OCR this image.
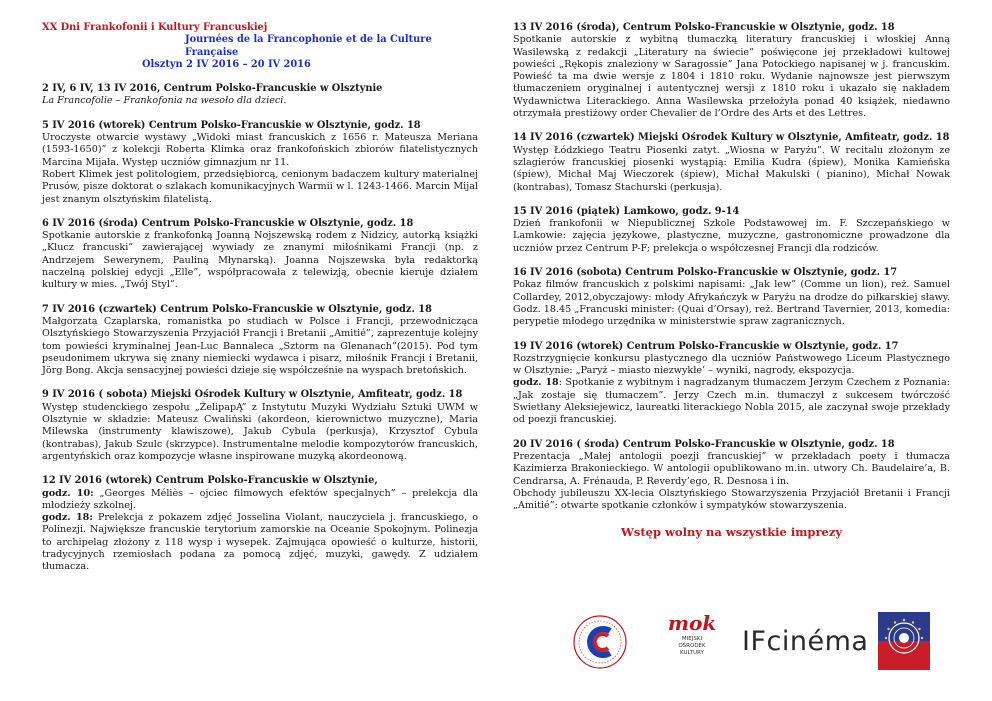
XX Dni Frankofonii i Kultury Francuskiej
Journées de la Francophonie et de la Culture Française
Olsztyn 2 IV 2016 – 20 IV 2016
2 IV, 6 IV, 13 IV 2016, Centrum Polsko-Francuskie w Olsztynie

La Francofolie – Frankofonia na wesoło dla dzieci.

5 IV 2016 (wtorek) Centrum Polsko-Francuskie w Olsztynie, godz. 18

Uroczyste otwarcie wystawy „Widoki miast francuskich z 1656 r. Mateusza Meriana (1593-1650)” z kolekcji Roberta Klimka oraz frankofońskich zbiorów filatelistycznych Marcina Mijała. Występ uczniów gimnazjum nr 11.

Robert Klimek jest politologiem, przedsiębiorcą, cenionym badaczem kultury materialnej Prusów, pisze doktorat o szlakach komunikacyjnych Warmii w l. 1243-1466. Marcin Mijal jest znanym olsztyńskim filatelistą.

6 IV 2016 (środa) Centrum Polsko-Francuskie w Olsztynie, godz. 18

Spotkanie autorskie z frankofonką Joanną Nojszewską rodem z Nidzicy, autorką książki „Klucz francuski” zawierającej wywiady ze znanymi miłośnikami Francji (np. z Andrzejem Sewerynem, Pauliną Młynarską). Joanna Nojszewska była redaktorką naczelną polskiej edycji „Elle”, współpracowała z telewizją, obecnie kieruje działem kultury w mies. „Twój Styl”.

7 IV 2016 (czwartek) Centrum Polsko-Francuskie w Olsztynie, godz. 18

Małgorzata Czaplarska, romanistka po studiach w Polsce i Francji, przewodnicząca Olsztyńskiego Stowarzyszenia Przyjaciół Francji i Bretanii „Amitié”, zaprezentuje kolejny tom powieści kryminalnej Jean-Luc Bannaleca „Sztorm na Glenanach”(2015). Pod tym pseudonimem ukrywa się znany niemiecki wydawca i pisarz, miłośnik Francji i Bretanii, Jörg Bong. Akcja sensacyjnej powieści dzieje się współcześnie na wyspach bretońskich.

9 IV 2016 ( sobota) Miejski Ośrodek Kultury w Olsztynie, Amfiteatr, godz. 18

Występ studenckiego zespołu „ŻelipapĄ” z Instytutu Muzyki Wydziału Sztuki UWM w Olsztynie w składzie: Mateusz Cwaliński (akordeon, kierownictwo muzyczne), Maria Milewska (instrumenty klawiszowe), Jakub Cybula (perkusja), Krzysztof Cybula (kontrabas), Jakub Szulc (skrzypce). Instrumentalne melodie kompozytorów francuskich, argentyńskich oraz kompozycje własne inspirowane muzyką akordeonową.

12 IV 2016 (wtorek) Centrum Polsko-Francuskie w Olsztynie,

godz. 10: „Georges Méliès – ojciec filmowych efektów specjalnych” – prelekcja dla młodzieży szkolnej.

godz. 18: Prelekcja z pokazem zdjęć Josselina Violant, nauczyciela j. francuskiego, o Polinezji. Największe francuskie terytorium zamorskie na Oceanie Spokojnym. Polinezja to archipelag złożony z 118 wysp i wysepek. Zajmująca opowieść o kulturze, historii, tradycyjnych rzemiosłach podana za pomocą zdjęć, muzyki, gawędy. Z udziałem tłumacza.

13 IV 2016 (środa), Centrum Polsko-Francuskie w Olsztynie, godz. 18

Spotkanie autorskie z wybitną tłumaczką literatury francuskiej i włoskiej Anną Wasilewską z redakcji „Literatury na świecie” poświęcone jej przekładowi kultowej powieści „Rękopis znaleziony w Saragossie” Jana Potockiego napisanej w j. francuskim. Powieść ta ma dwie wersje z 1804 i 1810 roku. Wydanie najnowsze jest pierwszym tłumaczeniem oryginalnej i autentycznej wersji z 1810 roku i ukazało się nakładem Wydawnictwa Literackiego. Anna Wasilewska przełożyła ponad 40 książek, niedawno otrzymała prestiżowy order Chevalier de l’Ordre des Arts et des Lettres.

14 IV 2016 (czwartek) Miejski Ośrodek Kultury w Olsztynie, Amfiteatr, godz. 18

Występ Łódzkiego Teatru Piosenki zatyt. „Wiosna w Paryżu”. W recitalu złożonym ze szlagierów francuskiej piosenki wystąpią: Emilia Kudra (śpiew), Monika Kamieńska (śpiew), Michał Maj Wieczorek (śpiew), Michał Makulski ( pianino), Michał Nowak (kontrabas), Tomasz Stachurski (perkusja).

15 IV 2016 (piątek) Lamkowo, godz. 9-14

Dzień frankofonii w Niepublicznej Szkole Podstawowej im. F. Szczepańskiego w Lamkowie: zajęcia językowe, plastyczne, muzyczne, gastronomiczne prowadzone dla uczniów przez Centrum P-F; prelekcja o współczesnej Francji dla rodziców.

16 IV 2016 (sobota) Centrum Polsko-Francuskie w Olsztynie, godz. 17

Pokaz filmów francuskich z polskimi napisami: „Jak lew” (Comme un lion), reż. Samuel Collardey, 2012,obyczajowy: młody Afrykańczyk w Paryżu na drodze do piłkarskiej sławy. Godz. 18.45 „Francuski minister: (Quai d’Orsay), reż. Bertrand Tavernier, 2013, komedia: perypetie młodego urzędnika w ministerstwie spraw zagranicznych.

19 IV 2016 (wtorek) Centrum Polsko-Francuskie w Olsztynie, godz. 17

Rozstrzygnięcie konkursu plastycznego dla uczniów Państwowego Liceum Plastycznego w Olsztynie: „Paryż – miasto niezwykłe’ – wyniki, nagrody, ekspozycja.

godz. 18: Spotkanie z wybitnym i nagradzanym tłumaczem Jerzym Czechem z Poznania: „Jak zostaje się tłumaczem”. Jerzy Czech m.in. tłumaczył z sukcesem twórczość Swietłany Aleksiejewicz, laureatki literackiego Nobla 2015, ale zaczynał swoje przekłady od poezji francuskiej.

20 IV 2016 ( środa) Centrum Polsko-Francuskie w Olsztynie, godz. 18

Prezentacja „Małej antologii poezji francuskiej” w przekładach poety i tłumacza Kazimierza Brakonieckiego. W antologii opublikowano m.in. utwory Ch. Baudelaire’a, B. Cendrarsa, A. Frénauda, P. Reverdy’ego, R. Desnosa i in.

Obchody jubileuszu XX-lecia Olsztyńskiego Stowarzyszenia Przyjaciół Bretanii i Francji „Amitié”: otwarte spotkanie członków i sympatyków stowarzyszenia.

Wstęp wolny na wszystkie imprezy
mok
MIEJSKI OŚRODEK KULTURY IFcinéma
